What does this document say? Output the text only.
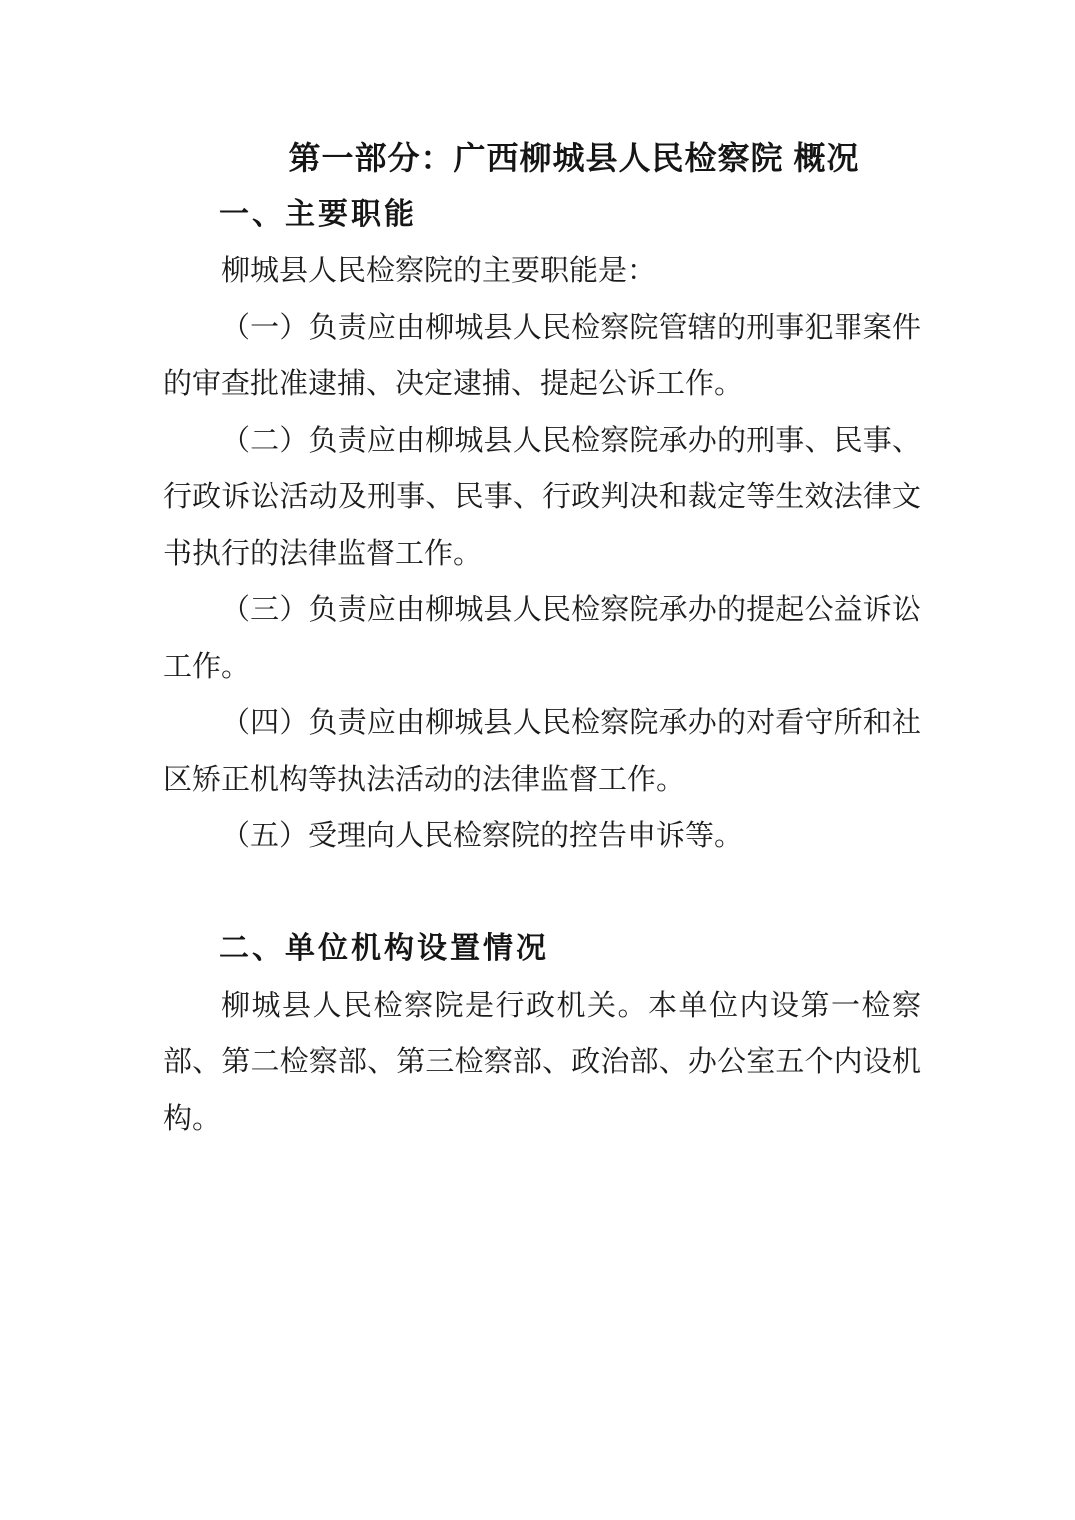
第一部分：广西柳城县人民检察院 概况
一、主要职能
柳城县人民检察院的主要职能是：
（一）负责应由柳城县人民检察院管辖的刑事犯罪案件
的审查批准逮捕、决定逮捕、提起公诉工作。
（二）负责应由柳城县人民检察院承办的刑事、民事、
行政诉讼活动及刑事、民事、行政判决和裁定等生效法律文
书执行的法律监督工作。
（三）负责应由柳城县人民检察院承办的提起公益诉讼
工作。
（四）负责应由柳城县人民检察院承办的对看守所和社
区矫正机构等执法活动的法律监督工作。
（五）受理向人民检察院的控告申诉等。
二、单位机构设置情况
柳城县人民检察院是行政机关。本单位内设第一检察
部、第二检察部、第三检察部、政治部、办公室五个内设机
构。
